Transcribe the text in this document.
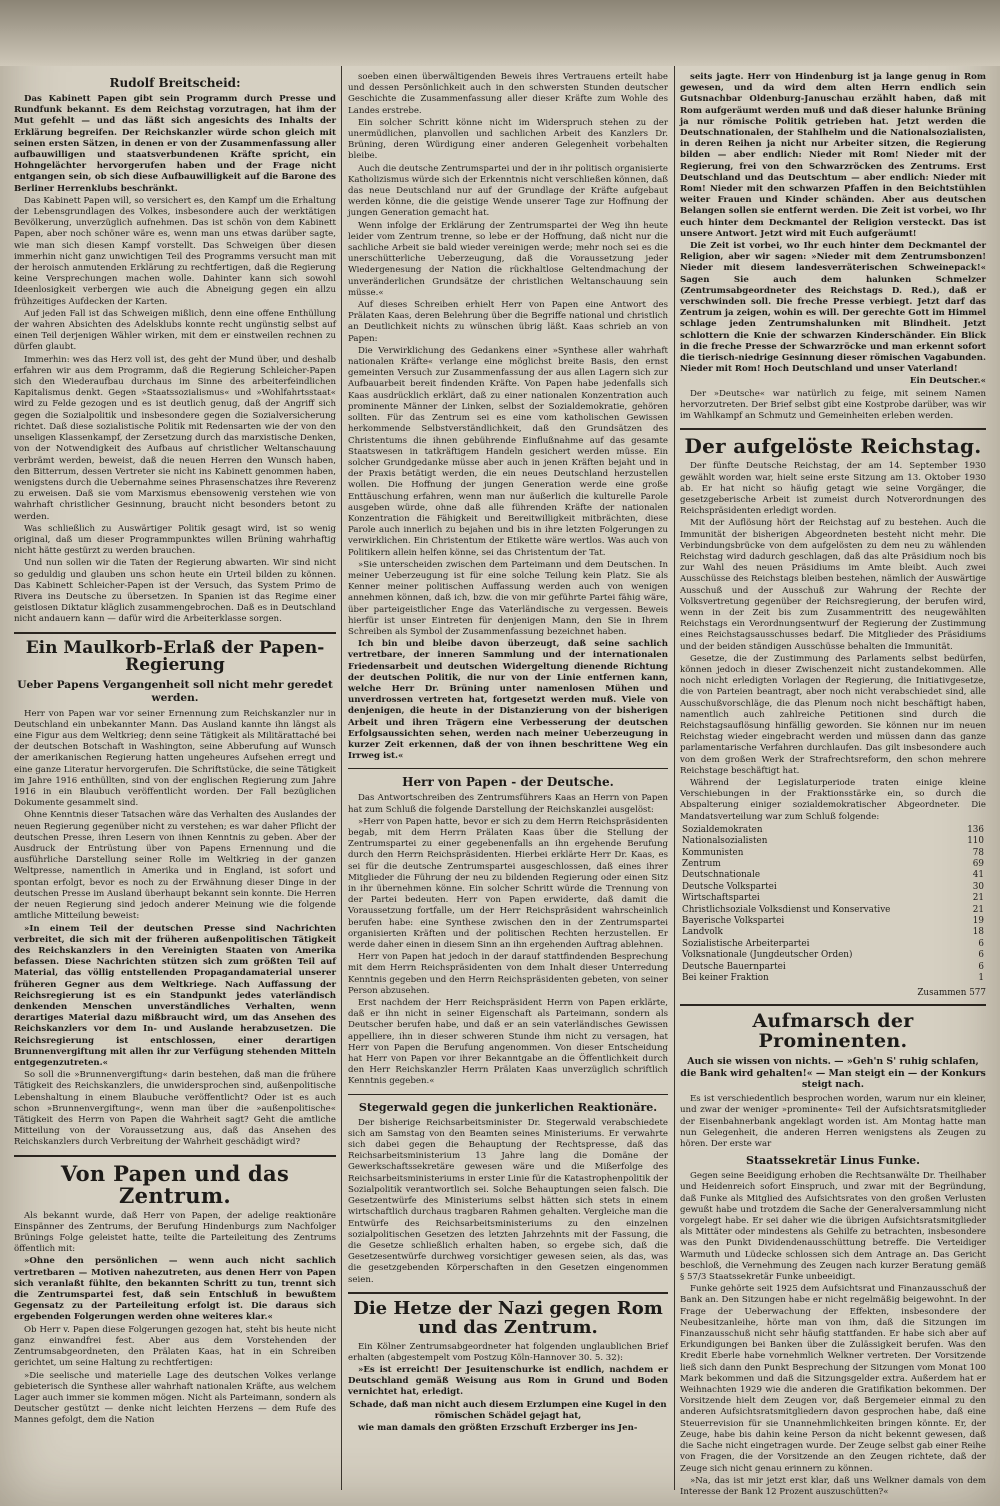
Rudolf Breitscheid:

Das Kabinett Papen gibt sein Programm durch Presse und Rundfunk bekannt. Es dem Reichstag vorzutragen, hat ihm der Mut gefehlt — und das läßt sich angesichts des Inhalts der Erklärung begreifen. Der Reichskanzler würde schon gleich mit seinen ersten Sätzen, in denen er von der Zusammenfassung aller aufbauwilligen und staatsverbundenen Kräfte spricht, ein Hohngelächter hervorgerufen haben und der Frage nicht entgangen sein, ob sich diese Aufbauwilligkeit auf die Barone des Berliner Herrenklubs beschränkt.

Das Kabinett Papen will, so versichert es, den Kampf um die Erhaltung der Lebensgrundlagen des Volkes, insbesondere auch der werktätigen Bevölkerung, unverzüglich aufnehmen. Das ist schön von dem Kabinett Papen, aber noch schöner wäre es, wenn man uns etwas darüber sagte, wie man sich diesen Kampf vorstellt. Das Schweigen über diesen immerhin nicht ganz unwichtigen Teil des Programms versucht man mit der heroisch anmutenden Erklärung zu rechtfertigen, daß die Regierung keine Versprechungen machen wolle. Dahinter kann sich sowohl Ideenlosigkeit verbergen wie auch die Abneigung gegen ein allzu frühzeitiges Aufdecken der Karten.

Auf jeden Fall ist das Schweigen mißlich, denn eine offene Enthüllung der wahren Absichten des Adelsklubs konnte recht ungünstig selbst auf einen Teil derjenigen Wähler wirken, mit dem er einstweilen rechnen zu dürfen glaubt.

Immerhin: wes das Herz voll ist, des geht der Mund über, und deshalb erfahren wir aus dem Programm, daß die Regierung Schleicher-Papen sich den Wiederaufbau durchaus im Sinne des arbeiterfeindlichen Kapitalismus denkt. Gegen »Staatssozialismus« und »Wohlfahrtsstaat« wird zu Felde gezogen und es ist deutlich genug, daß der Angriff sich gegen die Sozialpolitik und insbesondere gegen die Sozialversicherung richtet. Daß diese sozialistische Politik mit Redensarten wie der von den unseligen Klassenkampf, der Zersetzung durch das marxistische Denken, von der Notwendigkeit des Aufbaus auf christlicher Weltanschauung verbrämt werden, beweist, daß die neuen Herren den Wunsch haben, den Bitterrum, dessen Vertreter sie nicht ins Kabinett genommen haben, wenigstens durch die Uebernahme seines Phrasenschatzes ihre Reverenz zu erweisen. Daß sie vom Marxismus ebensowenig verstehen wie von wahrhaft christlicher Gesinnung, braucht nicht besonders betont zu werden.

Was schließlich zu Auswärtiger Politik gesagt wird, ist so wenig original, daß um dieser Programmpunktes willen Brüning wahrhaftig nicht hätte gestürzt zu werden brauchen.

Und nun sollen wir die Taten der Regierung abwarten. Wir sind nicht so geduldig und glauben uns schon heute ein Urteil bilden zu können. Das Kabinett Schleicher-Papen ist der Versuch, das System Primo de Rivera ins Deutsche zu übersetzen. In Spanien ist das Regime einer geistlosen Diktatur kläglich zusammengebrochen. Daß es in Deutschland nicht andauern kann — dafür wird die Arbeiterklasse sorgen.

Ein Maulkorb-Erlaß der Papen-Regierung
Ueber Papens Vergangenheit soll nicht mehr geredet werden.

Herr von Papen war vor seiner Ernennung zum Reichskanzler nur in Deutschland ein unbekannter Mann. Das Ausland kannte ihn längst als eine Figur aus dem Weltkrieg; denn seine Tätigkeit als Militärattaché bei der deutschen Botschaft in Washington, seine Abberufung auf Wunsch der amerikanischen Regierung hatten ungeheures Aufsehen erregt und eine ganze Literatur hervorgerufen. Die Schriftstücke, die seine Tätigkeit im Jahre 1916 enthüllten, sind von der englischen Regierung zum Jahre 1916 in ein Blaubuch veröffentlicht worden. Der Fall bezüglichen Dokumente gesammelt sind.

Ohne Kenntnis dieser Tatsachen wäre das Verhalten des Auslandes der neuen Regierung gegenüber nicht zu verstehen; es war daher Pflicht der deutschen Presse, ihren Lesern von ihnen Kenntnis zu geben. Aber der Ausdruck der Entrüstung über von Papens Ernennung und die ausführliche Darstellung seiner Rolle im Weltkrieg in der ganzen Weltpresse, namentlich in Amerika und in England, ist sofort und spontan erfolgt, bevor es noch zu der Erwähnung dieser Dinge in der deutschen Presse im Ausland überhaupt bekannt sein konnte. Die Herren der neuen Regierung sind jedoch anderer Meinung wie die folgende amtliche Mitteilung beweist:

»In einem Teil der deutschen Presse sind Nachrichten verbreitet, die sich mit der früheren außenpolitischen Tätigkeit des Reichskanzlers in den Vereinigten Staaten von Amerika befassen. Diese Nachrichten stützen sich zum größten Teil auf Material, das völlig entstellenden Propagandamaterial unserer früheren Gegner aus dem Weltkriege. Nach Auffassung der Reichsregierung ist es ein Standpunkt jedes vaterländisch denkenden Menschen unverständliches Verhalten, wenn derartiges Material dazu mißbraucht wird, um das Ansehen des Reichskanzlers vor dem In- und Auslande herabzusetzen. Die Reichsregierung ist entschlossen, einer derartigen Brunnenvergiftung mit allen ihr zur Verfügung stehenden Mitteln entgegenzutreten.«

So soll die »Brunnenvergiftung« darin bestehen, daß man die frühere Tätigkeit des Reichskanzlers, die unwidersprochen sind, außenpolitische Lebenshaltung in einem Blaubuche veröffentlicht? Oder ist es auch schon »Brunnenvergiftung«, wenn man über die »außenpolitische« Tätigkeit des Herrn von Papen die Wahrheit sagt? Geht die amtliche Mitteilung von der Voraussetzung aus, daß das Ansehen des Reichskanzlers durch Verbreitung der Wahrheit geschädigt wird?

Von Papen und das Zentrum.

Als bekannt wurde, daß Herr von Papen, der adelige reaktionäre Einspänner des Zentrums, der Berufung Hindenburgs zum Nachfolger Brünings Folge geleistet hatte, teilte die Parteileitung des Zentrums öffentlich mit:

»Ohne den persönlichen — wenn auch nicht sachlich vertretbaren — Motiven nahezutreten, aus denen Herr von Papen sich veranlaßt fühlte, den bekannten Schritt zu tun, trennt sich die Zentrumspartei fest, daß sein Entschluß in bewußtem Gegensatz zu der Parteileitung erfolgt ist. Die daraus sich ergebenden Folgerungen werden ohne weiteres klar.«

Ob Herr v. Papen diese Folgerungen gezogen hat, steht bis heute nicht ganz einwandfrei fest. Aber aus dem Vorstehenden der Zentrumsabgeordneten, den Prälaten Kaas, hat in ein Schreiben gerichtet, um seine Haltung zu rechtfertigen:

»Die seelische und materielle Lage des deutschen Volkes verlange gebieterisch die Synthese aller wahrhaft nationalen Kräfte, aus welchem Lager auch immer sie kommen mögen. Nicht als Parteimann, sondern als Deutscher gestützt — denke nicht leichten Herzens — dem Rufe des Mannes gefolgt, dem die Nation

soeben einen überwältigenden Beweis ihres Vertrauens erteilt habe und dessen Persönlichkeit auch in den schwersten Stunden deutscher Geschichte die Zusammenfassung aller dieser Kräfte zum Wohle des Landes erstrebe.

Ein solcher Schritt könne nicht im Widerspruch stehen zu der unermüdlichen, planvollen und sachlichen Arbeit des Kanzlers Dr. Brüning, deren Würdigung einer anderen Gelegenheit vorbehalten bleibe.

Auch die deutsche Zentrumspartei und der in ihr politisch organisierte Katholizismus würde sich der Erkenntnis nicht verschließen können, daß das neue Deutschland nur auf der Grundlage der Kräfte aufgebaut werden könne, die die geistige Wende unserer Tage zur Hoffnung der jungen Generation gemacht hat.

Wenn infolge der Erklärung der Zentrumspartei der Weg ihn heute leider vom Zentrum trenne, so lebe er der Hoffnung, daß nicht nur die sachliche Arbeit sie bald wieder vereinigen werde; mehr noch sei es die unerschütterliche Ueberzeugung, daß die Voraussetzung jeder Wiedergenesung der Nation die rückhaltlose Geltendmachung der unveränderlichen Grundsätze der christlichen Weltanschauung sein müsse.«

Auf dieses Schreiben erhielt Herr von Papen eine Antwort des Prälaten Kaas, deren Belehrung über die Begriffe national und christlich an Deutlichkeit nichts zu wünschen übrig läßt. Kaas schrieb an von Papen:

Die Verwirklichung des Gedankens einer »Synthese aller wahrhaft nationalen Kräfte« verlange eine möglichst breite Basis, den ernst gemeinten Versuch zur Zusammenfassung der aus allen Lagern sich zur Aufbauarbeit bereit findenden Kräfte. Von Papen habe jedenfalls sich Kaas ausdrücklich erklärt, daß zu einer nationalen Konzentration auch prominente Männer der Linken, selbst der Sozialdemokratie, gehören sollten. Für das Zentrum sei es eine vom katholischen Gewissen herkommende Selbstverständlichkeit, daß den Grundsätzen des Christentums die ihnen gebührende Einflußnahme auf das gesamte Staatswesen in tatkräftigem Handeln gesichert werden müsse. Ein solcher Grundgedanke müsse aber auch in jenen Kräften bejaht und in der Praxis betätigt werden, die ein neues Deutschland herzustellen wollen. Die Hoffnung der jungen Generation werde eine große Enttäuschung erfahren, wenn man nur äußerlich die kulturelle Parole ausgeben würde, ohne daß alle führenden Kräfte der nationalen Konzentration die Fähigkeit und Bereitwilligkeit mitbrächten, diese Parole auch innerlich zu bejahen und bis in ihre letzten Folgerungen zu verwirklichen. Ein Christentum der Etikette wäre wertlos. Was auch von Politikern allein helfen könne, sei das Christentum der Tat.

»Sie unterscheiden zwischen dem Parteimann und dem Deutschen. In meiner Ueberzeugung ist für eine solche Teilung kein Platz. Sie als Kenner meiner politischen Auffassung werden auch von wenigen annehmen können, daß ich, bzw. die von mir geführte Partei fähig wäre, über parteigeistlicher Enge das Vaterländische zu vergessen. Beweis hierfür ist unser Eintreten für denjenigen Mann, den Sie in Ihrem Schreiben als Symbol der Zusammenfassung bezeichnet haben.

Ich bin und bleibe davon überzeugt, daß seine sachlich vertretbare, der inneren Sammlung und der internationalen Friedensarbeit und deutschen Widergeltung dienende Richtung der deutschen Politik, die nur von der Linie entfernen kann, welche Herr Dr. Brüning unter namenlosen Mühen und unverdrossen vertreten hat, fortgesetzt werden muß. Viele von denjenigen, die heute in der Distanzierung von der bisherigen Arbeit und ihren Trägern eine Verbesserung der deutschen Erfolgsaussichten sehen, werden nach meiner Ueberzeugung in kurzer Zeit erkennen, daß der von ihnen beschrittene Weg ein Irrweg ist.«

Herr von Papen - der Deutsche.

Das Antwortschreiben des Zentrumsführers Kaas an Herrn von Papen hat zum Schluß die folgende Darstellung der Reichskanzlei ausgelöst:

»Herr von Papen hatte, bevor er sich zu dem Herrn Reichspräsidenten begab, mit dem Herrn Prälaten Kaas über die Stellung der Zentrumspartei zu einer gegebenenfalls an ihn ergehende Berufung durch den Herrn Reichspräsidenten. Hierbei erklärte Herr Dr. Kaas, es sei für die deutsche Zentrumspartei ausgeschlossen, daß eines ihrer Mitglieder die Führung der neu zu bildenden Regierung oder einen Sitz in ihr übernehmen könne. Ein solcher Schritt würde die Trennung von der Partei bedeuten. Herr von Papen erwiderte, daß damit die Voraussetzung fortfalle, um der Herr Reichspräsident wahrscheinlich berufen habe: eine Synthese zwischen den in der Zentrumspartei organisierten Kräften und der politischen Rechten herzustellen. Er werde daher einen in diesem Sinn an ihn ergehenden Auftrag ablehnen.

Herr von Papen hat jedoch in der darauf stattfindenden Besprechung mit dem Herrn Reichspräsidenten von dem Inhalt dieser Unterredung Kenntnis gegeben und den Herrn Reichspräsidenten gebeten, von seiner Person abzusehen.

Erst nachdem der Herr Reichspräsident Herrn von Papen erklärte, daß er ihn nicht in seiner Eigenschaft als Parteimann, sondern als Deutscher berufen habe, und daß er an sein vaterländisches Gewissen appelliere, ihn in dieser schweren Stunde ihm nicht zu versagen, hat Herr von Papen die Berufung angenommen. Von dieser Entscheidung hat Herr von Papen vor ihrer Bekanntgabe an die Öffentlichkeit durch den Herr Reichskanzler Herrn Prälaten Kaas unverzüglich schriftlich Kenntnis gegeben.«

Stegerwald gegen die junkerlichen Reaktionäre.

Der bisherige Reichsarbeitsminister Dr. Stegerwald verabschiedete sich am Samstag von den Beamten seines Ministeriums. Er verwahrte sich dabei gegen die Behauptung der Rechtspresse, daß das Reichsarbeitsministerium 13 Jahre lang die Domäne der Gewerkschaftssekretäre gewesen wäre und die Mißerfolge des Reichsarbeitsministeriums in erster Linie für die Katastrophenpolitik der Sozialpolitik verantwortlich sei. Solche Behauptungen seien falsch. Die Gesetzentwürfe des Ministeriums selbst hätten sich stets in einem wirtschaftlich durchaus tragbaren Rahmen gehalten. Vergleiche man die Entwürfe des Reichsarbeitsministeriums zu den einzelnen sozialpolitischen Gesetzen des letzten Jahrzehnts mit der Fassung, die die Gesetze schließlich erhalten haben, so ergebe sich, daß die Gesetzesentwürfe durchweg vorsichtiger gewesen seien, als das, was die gesetzgebenden Körperschaften in den Gesetzen eingenommen seien.

Die Hetze der Nazi gegen Rom und das Zentrum.

Ein Kölner Zentrumsabgeordneter hat folgenden unglaublichen Brief erhalten (abgestempelt vom Postzug Köln-Hannover 30. 5. 32):

»Es ist erreicht! Der Jesuitenschurke ist endlich, nachdem er Deutschland gemäß Weisung aus Rom in Grund und Boden vernichtet hat, erledigt.

Schade, daß man nicht auch diesem Erzlumpen eine Kugel in den römischen Schädel gejagt hat,

wie man damals den größten Erzschuft Erzberger ins Jen-

seits jagte. Herr von Hindenburg ist ja lange genug in Rom gewesen, und da wird dem alten Herrn endlich sein Gutsnachbar Oldenburg-Januschau erzählt haben, daß mit Rom aufgeräumt werden muß und daß dieser halunke Brüning ja nur römische Politik getrieben hat. Jetzt werden die Deutschnationalen, der Stahlhelm und die Nationalsozialisten, in deren Reihen ja nicht nur Arbeiter sitzen, die Regierung bilden — aber endlich: Nieder mit Rom! Nieder mit der Regierung, frei von den Schwarzröcken des Zentrums. Erst Deutschland und das Deutschtum — aber endlich: Nieder mit Rom! Nieder mit den schwarzen Pfaffen in den Beichtstühlen weiter Frauen und Kinder schänden. Aber aus deutschen Belangen sollen sie entfernt werden. Die Zeit ist vorbei, wo Ihr euch hinter dem Deckmantel der Religion versteckt. Das ist unsere Antwort. Jetzt wird mit Euch aufgeräumt!

Die Zeit ist vorbei, wo Ihr euch hinter dem Deckmantel der Religion, aber wir sagen: »Nieder mit dem Zentrumsbonzen! Nieder mit diesem landesverräterischen Schweinepack!« Sagen Sie auch dem halunken Schmelzer (Zentrumsabgeordneter des Reichstags D. Red.), daß er verschwinden soll. Die freche Presse verbiegt. Jetzt darf das Zentrum ja zeigen, wohin es will. Der gerechte Gott im Himmel schlage jeden Zentrumshalunken mit Blindheit. Jetzt schlottern die Knie der schwarzen Kinderschänder. Ein Blick in die freche Presse der Schwarzröcke und man erkennt sofort die tierisch-niedrige Gesinnung dieser römischen Vagabunden. Nieder mit Rom! Hoch Deutschland und unser Vaterland!

Ein Deutscher.«

Der »Deutsche« war natürlich zu feige, mit seinem Namen hervorzutreten. Der Brief selbst gibt eine Kostprobe darüber, was wir im Wahlkampf an Schmutz und Gemeinheiten erleben werden.

Der aufgelöste Reichstag.

Der fünfte Deutsche Reichstag, der am 14. September 1930 gewählt worden war, hielt seine erste Sitzung am 13. Oktober 1930 ab. Er hat nicht so häufig getagt wie seine Vorgänger, die gesetzgeberische Arbeit ist zumeist durch Notverordnungen des Reichspräsidenten erledigt worden.

Mit der Auflösung hört der Reichstag auf zu bestehen. Auch die Immunität der bisherigen Abgeordneten besteht nicht mehr. Die Verbindungsbrücke von dem aufgelösten zu dem neu zu wählenden Reichstag wird dadurch geschlagen, daß das alte Präsidium noch bis zur Wahl des neuen Präsidiums im Amte bleibt. Auch zwei Ausschüsse des Reichstags bleiben bestehen, nämlich der Auswärtige Ausschuß und der Ausschuß zur Wahrung der Rechte der Volksvertretung gegenüber der Reichsregierung, der berufen wird, wenn in der Zeit bis zum Zusammentritt des neugewählten Reichstags ein Verordnungsentwurf der Regierung der Zustimmung eines Reichstagsausschusses bedarf. Die Mitglieder des Präsidiums und der beiden ständigen Ausschüsse behalten die Immunität.

Gesetze, die der Zustimmung des Parlaments selbst bedürfen, können jedoch in dieser Zwischenzeit nicht zustandekommen. Alle noch nicht erledigten Vorlagen der Regierung, die Initiativgesetze, die von Parteien beantragt, aber noch nicht verabschiedet sind, alle Ausschußvorschläge, die das Plenum noch nicht beschäftigt haben, namentlich auch zahlreiche Petitionen sind durch die Reichstagsauflösung hinfällig geworden. Sie können nur im neuen Reichstag wieder eingebracht werden und müssen dann das ganze parlamentarische Verfahren durchlaufen. Das gilt insbesondere auch von dem großen Werk der Strafrechtsreform, den schon mehrere Reichstage beschäftigt hat.

Während der Legislaturperiode traten einige kleine Verschiebungen in der Fraktionsstärke ein, so durch die Abspalterung einiger sozialdemokratischer Abgeordneter. Die Mandatsverteilung war zum Schluß folgende:

Sozialdemokraten	136
Nationalsozialisten	110
Kommunisten	78
Zentrum	69
Deutschnationale	41
Deutsche Volkspartei	30
Wirtschaftspartei	21
Christlichsoziale Volksdienst und Konservative	21
Bayerische Volkspartei	19
Landvolk	18
Sozialistische Arbeiterpartei	6
Volksnationale (Jungdeutscher Orden)	6
Deutsche Bauernpartei	6
Bei keiner Fraktion	1
Zusammen 577
Aufmarsch der Prominenten.
Auch sie wissen von nichts. — »Geh'n S' ruhig schlafen, die Bank wird gehalten!« — Man steigt ein — der Konkurs steigt nach.

Es ist verschiedentlich besprochen worden, warum nur ein kleiner, und zwar der weniger »prominente« Teil der Aufsichtsratsmitglieder der Eisenbahnerbank angeklagt worden ist. Am Montag hatte man nun Gelegenheit, die anderen Herren wenigstens als Zeugen zu hören. Der erste war

Staatssekretär Linus Funke.

Gegen seine Beeidigung erhoben die Rechtsanwälte Dr. Theilhaber und Heidenreich sofort Einspruch, und zwar mit der Begründung, daß Funke als Mitglied des Aufsichtsrates von den großen Verlusten gewußt habe und trotzdem die Sache der Generalversammlung nicht vorgelegt habe. Er sei daher wie die übrigen Aufsichtsratsmitglieder als Mittäter oder mindestens als Gehilfe zu betrachten, insbesondere was den Punkt Dividendenausschüttung betreffe. Die Verteidiger Warmuth und Lüdecke schlossen sich dem Antrage an. Das Gericht beschloß, die Vernehmung des Zeugen nach kurzer Beratung gemäß § 57/3 Staatssekretär Funke unbeeidigt.

Funke gehörte seit 1925 dem Aufsichtsrat und Finanzausschuß der Bank an. Den Sitzungen habe er nicht regelmäßig beigewohnt. In der Frage der Ueberwachung der Effekten, insbesondere der Neubesitzanleihe, hörte man von ihm, daß die Sitzungen im Finanzausschuß nicht sehr häufig stattfanden. Er habe sich aber auf Erkundigungen bei Banken über die Zulässigkeit berufen. Was den Kredit Eberle habe vornehmlich Welkner vertreten. Der Vorsitzende ließ sich dann den Punkt Besprechung der Sitzungen vom Monat 100 Mark bekommen und daß die Sitzungsgelder extra. Außerdem hat er Weihnachten 1929 wie die anderen die Gratifikation bekommen. Der Vorsitzende hielt dem Zeugen vor, daß Bergemeier einmal zu den anderen Aufsichtsratsmitgliedern davon gesprochen habe, daß eine Steuerrevision für sie Unannehmlichkeiten bringen könnte. Er, der Zeuge, habe bis dahin keine Person da nicht bekennt gewesen, daß die Sache nicht eingetragen wurde. Der Zeuge selbst gab einer Reihe von Fragen, die der Vorsitzende an den Zeugen richtete, daß der Zeuge sich nicht genau erinnern zu können.

»Na, das ist mir jetzt erst klar, daß uns Welkner damals von dem Interesse der Bank 12 Prozent auszuschütten?«
